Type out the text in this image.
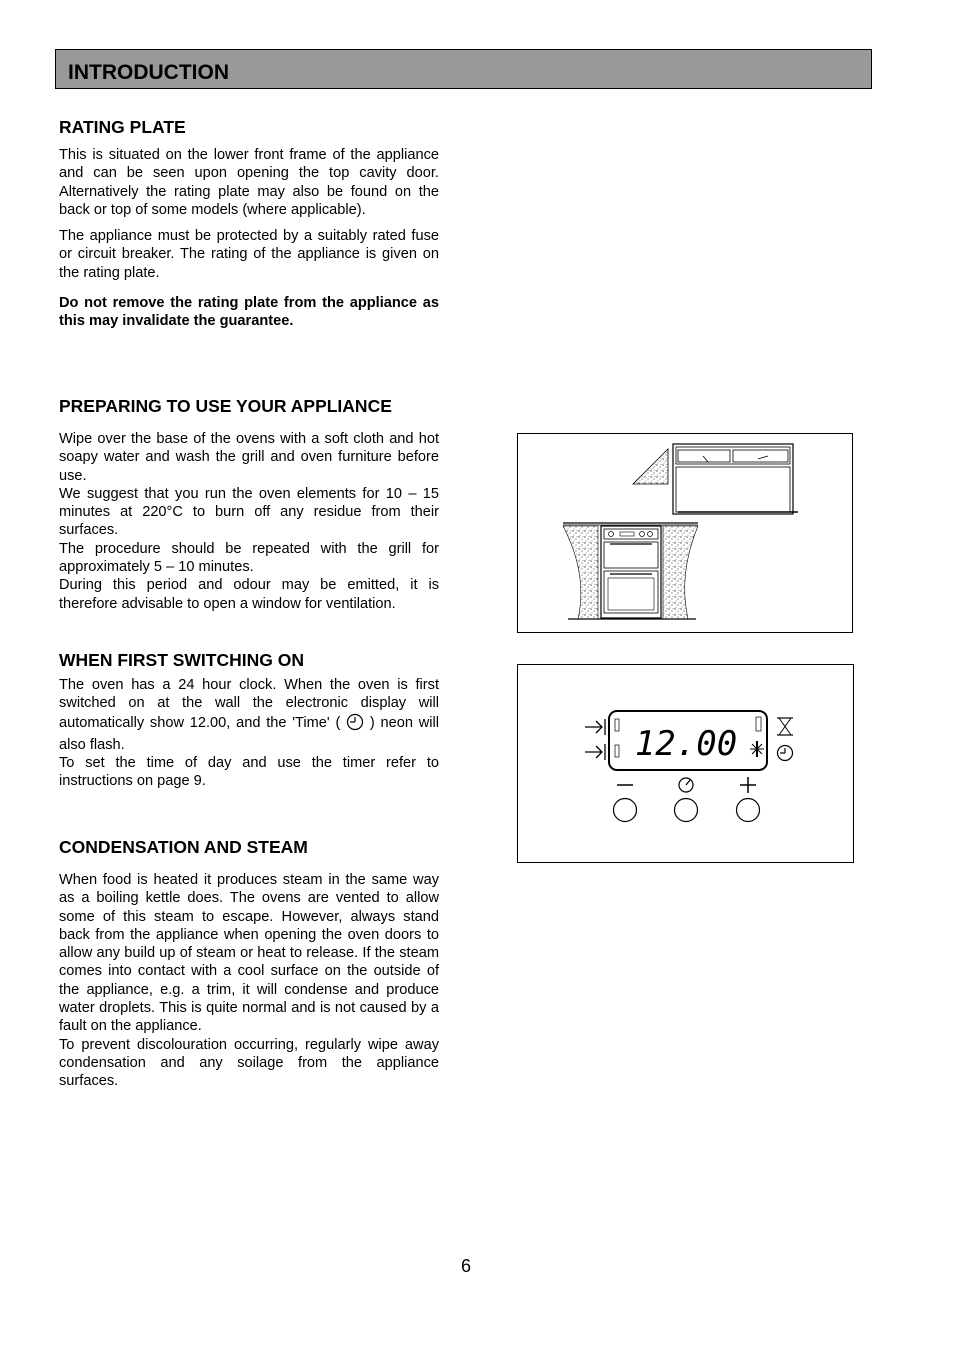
INTRODUCTION
RATING PLATE

This is situated on the lower front frame of the appliance and can be seen upon opening the top cavity door. Alternatively the rating plate may also be found on the back or top of some models (where applicable).

The appliance must be protected by a suitably rated fuse or circuit breaker. The rating of the appliance is given on the rating plate.

Do not remove the rating plate from the appliance as this may invalidate the guarantee.

PREPARING TO USE YOUR APPLIANCE

Wipe over the base of the ovens with a soft cloth and hot soapy water and wash the grill and oven furniture before use.

We suggest that you run the oven elements for 10 – 15 minutes at 220°C to burn off any residue from their surfaces.

The procedure should be repeated with the grill for approximately 5 – 10 minutes.

During this period and odour may be emitted, it is therefore advisable to open a window for ventilation.

WHEN FIRST SWITCHING ON

The oven has a 24 hour clock. When the oven is first switched on at the wall the electronic display will automatically show 12.00, and the 'Time' ( ) neon will also flash.

To set the time of day and use the timer refer to instructions on page 9.

CONDENSATION AND STEAM

When food is heated it produces steam in the same way as a boiling kettle does. The ovens are vented to allow some of this steam to escape. However, always stand back from the appliance when opening the oven doors to allow any build up of steam or heat to release. If the steam comes into contact with a cool surface on the outside of the appliance, e.g. a trim, it will condense and produce water droplets. This is quite normal and is not caused by a fault on the appliance.

To prevent discolouration occurring, regularly wipe away condensation and any soilage from the appliance surfaces.

12.00
6
